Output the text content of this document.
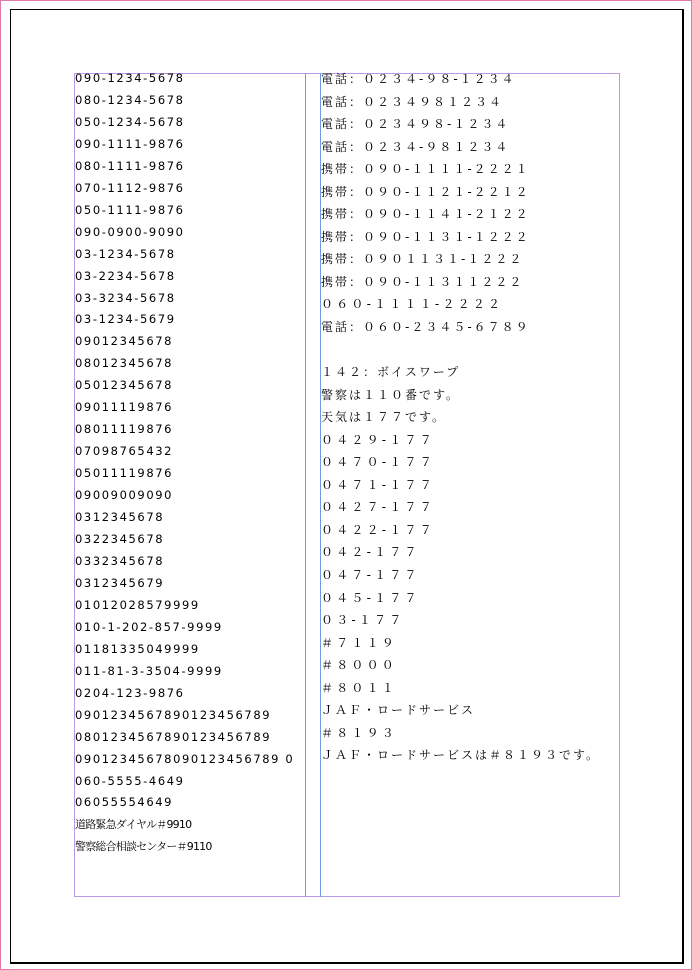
090-1234-5678
080-1234-5678
050-1234-5678
090-1111-9876
080-1111-9876
070-1112-9876
050-1111-9876
090-0900-9090
03-1234-5678
03-2234-5678
03-3234-5678
03-1234-5679
09012345678
08012345678
05012345678
09011119876
08011119876
07098765432
05011119876
09009009090
0312345678
0322345678
0332345678
0312345679
01012028579999
010-1-202-857-9999
01181335049999
011-81-3-3504-9999
0204-123-9876
0901234567890123456789
0801234567890123456789
09012345678090123456789 0
060-5555-4649
06055554649
道路緊急ダイヤル＃9910
警察総合相談センター＃9110
電話：０２３４-９８-１２３４
電話：０２３４９８１２３４
電話：０２３４９８-１２３４
電話：０２３４-９８１２３４
携帯：０９０-１１１１-２２２１
携帯：０９０-１１２１-２２１２
携帯：０９０-１１４１-２１２２
携帯：０９０-１１３１-１２２２
携帯：０９０１１３１-１２２２
携帯：０９０-１１３１１２２２
０６０-１１１１-２２２２
電話：０６０-２３４５-６７８９
１４２：ボイスワープ
警察は１１０番です。
天気は１７７です。
０４２９-１７７
０４７０-１７７
０４７１-１７７
０４２７-１７７
０４２２-１７７
０４２-１７７
０４７-１７７
０４５-１７７
０３-１７７
＃７１１９
＃８０００
＃８０１１
ＪＡＦ・ロードサービス
＃８１９３
ＪＡＦ・ロードサービスは＃８１９３です。
